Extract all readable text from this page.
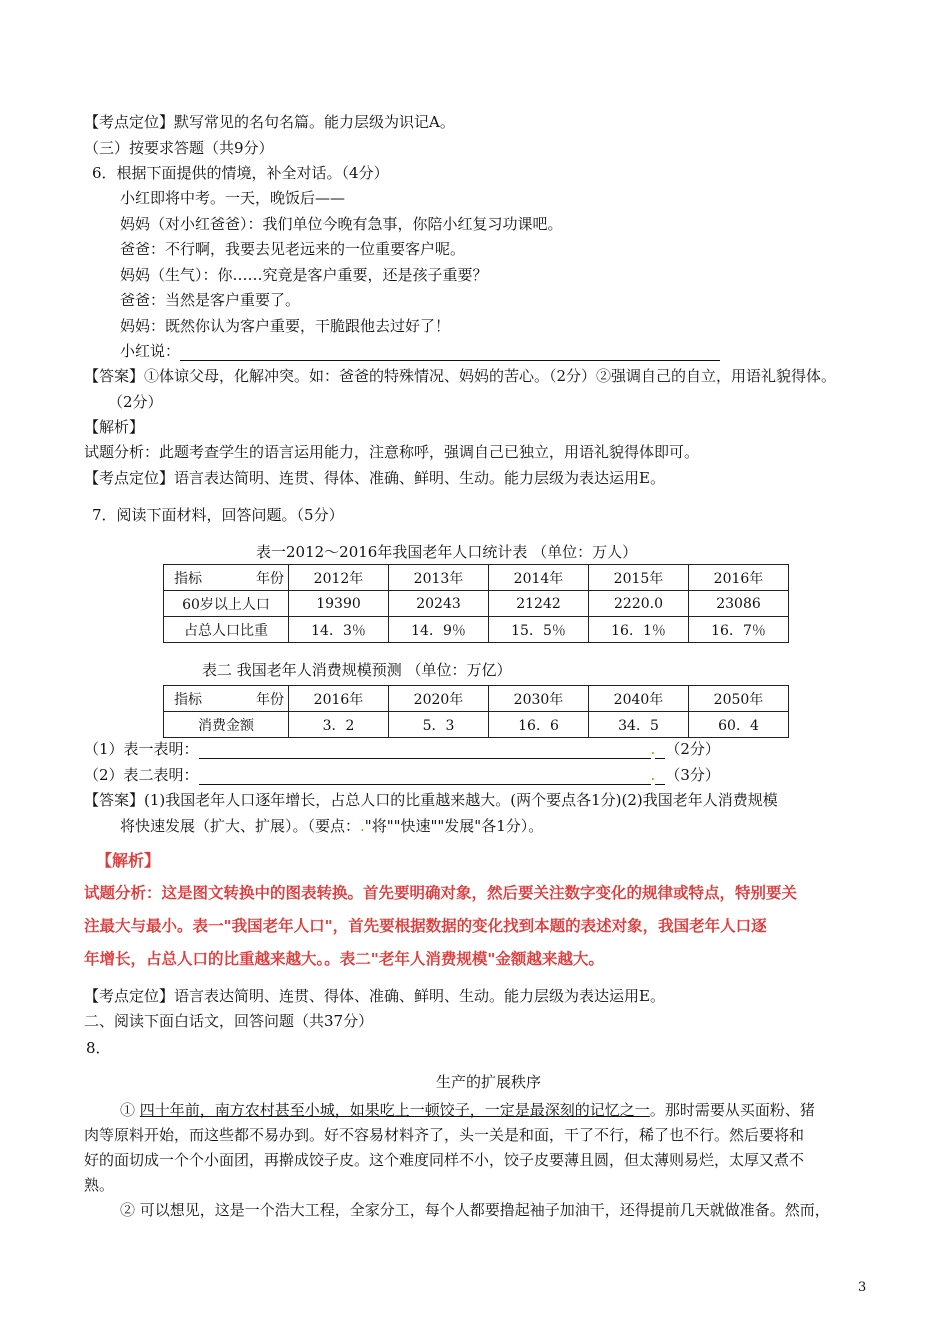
【考点定位】默写常见的名句名篇。能力层级为识记A。
（三）按要求答题（共9分）
6．根据下面提供的情境，补全对话。（4分）
小红即将中考。一天，晚饭后——
妈妈（对小红爸爸）：我们单位今晚有急事，你陪小红复习功课吧。
爸爸：不行啊，我要去见老远来的一位重要客户呢。
妈妈（生气）：你……究竟是客户重要，还是孩子重要？
爸爸：当然是客户重要了。
妈妈：既然你认为客户重要，干脆跟他去过好了！
小红说：
【答案】①体谅父母，化解冲突。如：爸爸的特殊情况、妈妈的苦心。（2分）②强调自己的自立，用语礼貌得体。
（2分）
【解析】
试题分析：此题考查学生的语言运用能力，注意称呼，强调自己已独立，用语礼貌得体即可。
【考点定位】语言表达简明、连贯、得体、准确、鲜明、生动。能力层级为表达运用E。
7．阅读下面材料，回答问题。（5分）
表一2012～2016年我国老年人口统计表 （单位：万人）
指标 年份	2012年	2013年	2014年	2015年	2016年
60岁以上人口	19390	20243	21242	2220.0	23086
占总人口比重	14．3％	14．9％	15．5％	16．1％	16．7％
表二 我国老年人消费规模预测 （单位：万亿）
指标 年份	2016年	2020年	2030年	2040年	2050年
消费金额	3．2	5．3	16．6	34．5	60．4
（1）表一表明：	. （2分）
（2）表二表明：	. （3分）
【答案】(1)我国老年人口逐年增长，占总人口的比重越来越大。(两个要点各1分)(2)我国老年人消费规模
将快速发展（扩大、扩展）。（要点：."将""快速""发展"各1分）。
【解析】
试题分析：这是图文转换中的图表转换。首先要明确对象，然后要关注数字变化的规律或特点，特别要关
注最大与最小。表一"我国老年人口"，首先要根据数据的变化找到本题的表述对象，我国老年人口逐
年增长，占总人口的比重越来越大。。表二"老年人消费规模"金额越来越大。
【考点定位】语言表达简明、连贯、得体、准确、鲜明、生动。能力层级为表达运用E。
二、阅读下面白话文，回答问题（共37分）
8．
生产的扩展秩序
① 四十年前，南方农村甚至小城，如果吃上一顿饺子，一定是最深刻的记忆之一。那时需要从买面粉、猪
肉等原料开始，而这些都不易办到。好不容易材料齐了，头一关是和面，干了不行，稀了也不行。然后要将和
好的面切成一个个小面团，再擀成饺子皮。这个难度同样不小，饺子皮要薄且圆，但太薄则易烂，太厚又煮不
熟。
② 可以想见，这是一个浩大工程，全家分工，每个人都要撸起袖子加油干，还得提前几天就做准备。然而，
3
